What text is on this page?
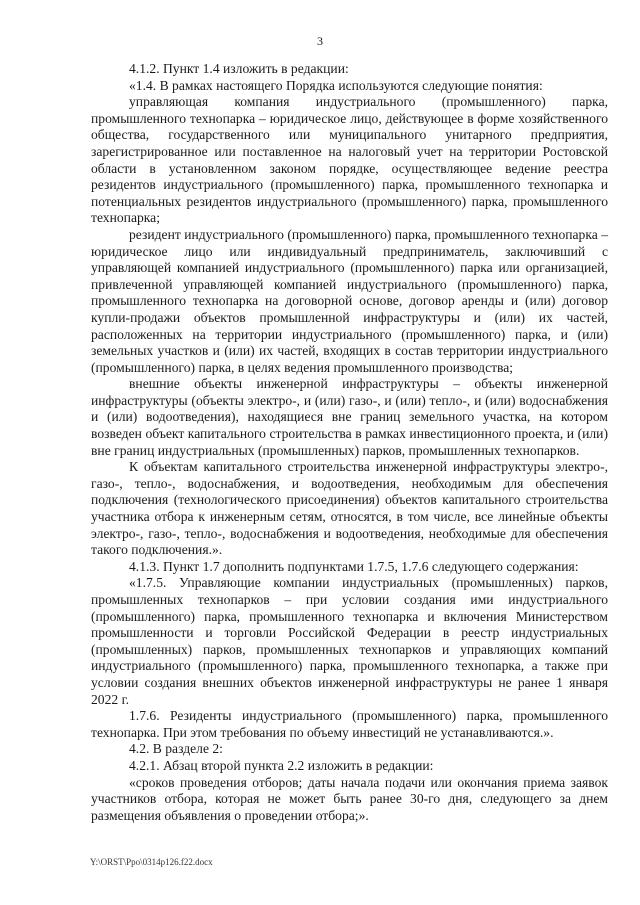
3

4.1.2. Пункт 1.4 изложить в редакции:

«1.4. В рамках настоящего Порядка используются следующие понятия:

управляющая компания индустриального (промышленного) парка, промышленного технопарка – юридическое лицо, действующее в форме хозяйственного общества, государственного или муниципального унитарного предприятия, зарегистрированное или поставленное на налоговый учет на территории Ростовской области в установленном законом порядке, осуществляющее ведение реестра резидентов индустриального (промышленного) парка, промышленного технопарка и потенциальных резидентов индустриального (промышленного) парка, промышленного технопарка;

резидент индустриального (промышленного) парка, промышленного технопарка – юридическое лицо или индивидуальный предприниматель, заключивший с управляющей компанией индустриального (промышленного) парка или организацией, привлеченной управляющей компанией индустриального (промышленного) парка, промышленного технопарка на договорной основе, договор аренды и (или) договор купли-продажи объектов промышленной инфраструктуры и (или) их частей, расположенных на территории индустриального (промышленного) парка, и (или) земельных участков и (или) их частей, входящих в состав территории индустриального (промышленного) парка, в целях ведения промышленного производства;

внешние объекты инженерной инфраструктуры – объекты инженерной инфраструктуры (объекты электро-, и (или) газо-, и (или) тепло-, и (или) водоснабжения и (или) водоотведения), находящиеся вне границ земельного участка, на котором возведен объект капитального строительства в рамках инвестиционного проекта, и (или) вне границ индустриальных (промышленных) парков, промышленных технопарков.

К объектам капитального строительства инженерной инфраструктуры электро-, газо-, тепло-, водоснабжения, и водоотведения, необходимым для обеспечения подключения (технологического присоединения) объектов капитального строительства участника отбора к инженерным сетям, относятся, в том числе, все линейные объекты электро-, газо-, тепло-, водоснабжения и водоотведения, необходимые для обеспечения такого подключения.».

4.1.3. Пункт 1.7 дополнить подпунктами 1.7.5, 1.7.6 следующего содержания:

«1.7.5. Управляющие компании индустриальных (промышленных) парков, промышленных технопарков – при условии создания ими индустриального (промышленного) парка, промышленного технопарка и включения Министерством промышленности и торговли Российской Федерации в реестр индустриальных (промышленных) парков, промышленных технопарков и управляющих компаний индустриального (промышленного) парка, промышленного технопарка, а также при условии создания внешних объектов инженерной инфраструктуры не ранее 1 января 2022 г.

1.7.6. Резиденты индустриального (промышленного) парка, промышленного технопарка. При этом требования по объему инвестиций не устанавливаются.».

4.2. В разделе 2:

4.2.1. Абзац второй пункта 2.2 изложить в редакции:

«сроков проведения отборов; даты начала подачи или окончания приема заявок участников отбора, которая не может быть ранее 30-го дня, следующего за днем размещения объявления о проведении отбора;».

Y:\ORST\Ppo\0314p126.f22.docx
